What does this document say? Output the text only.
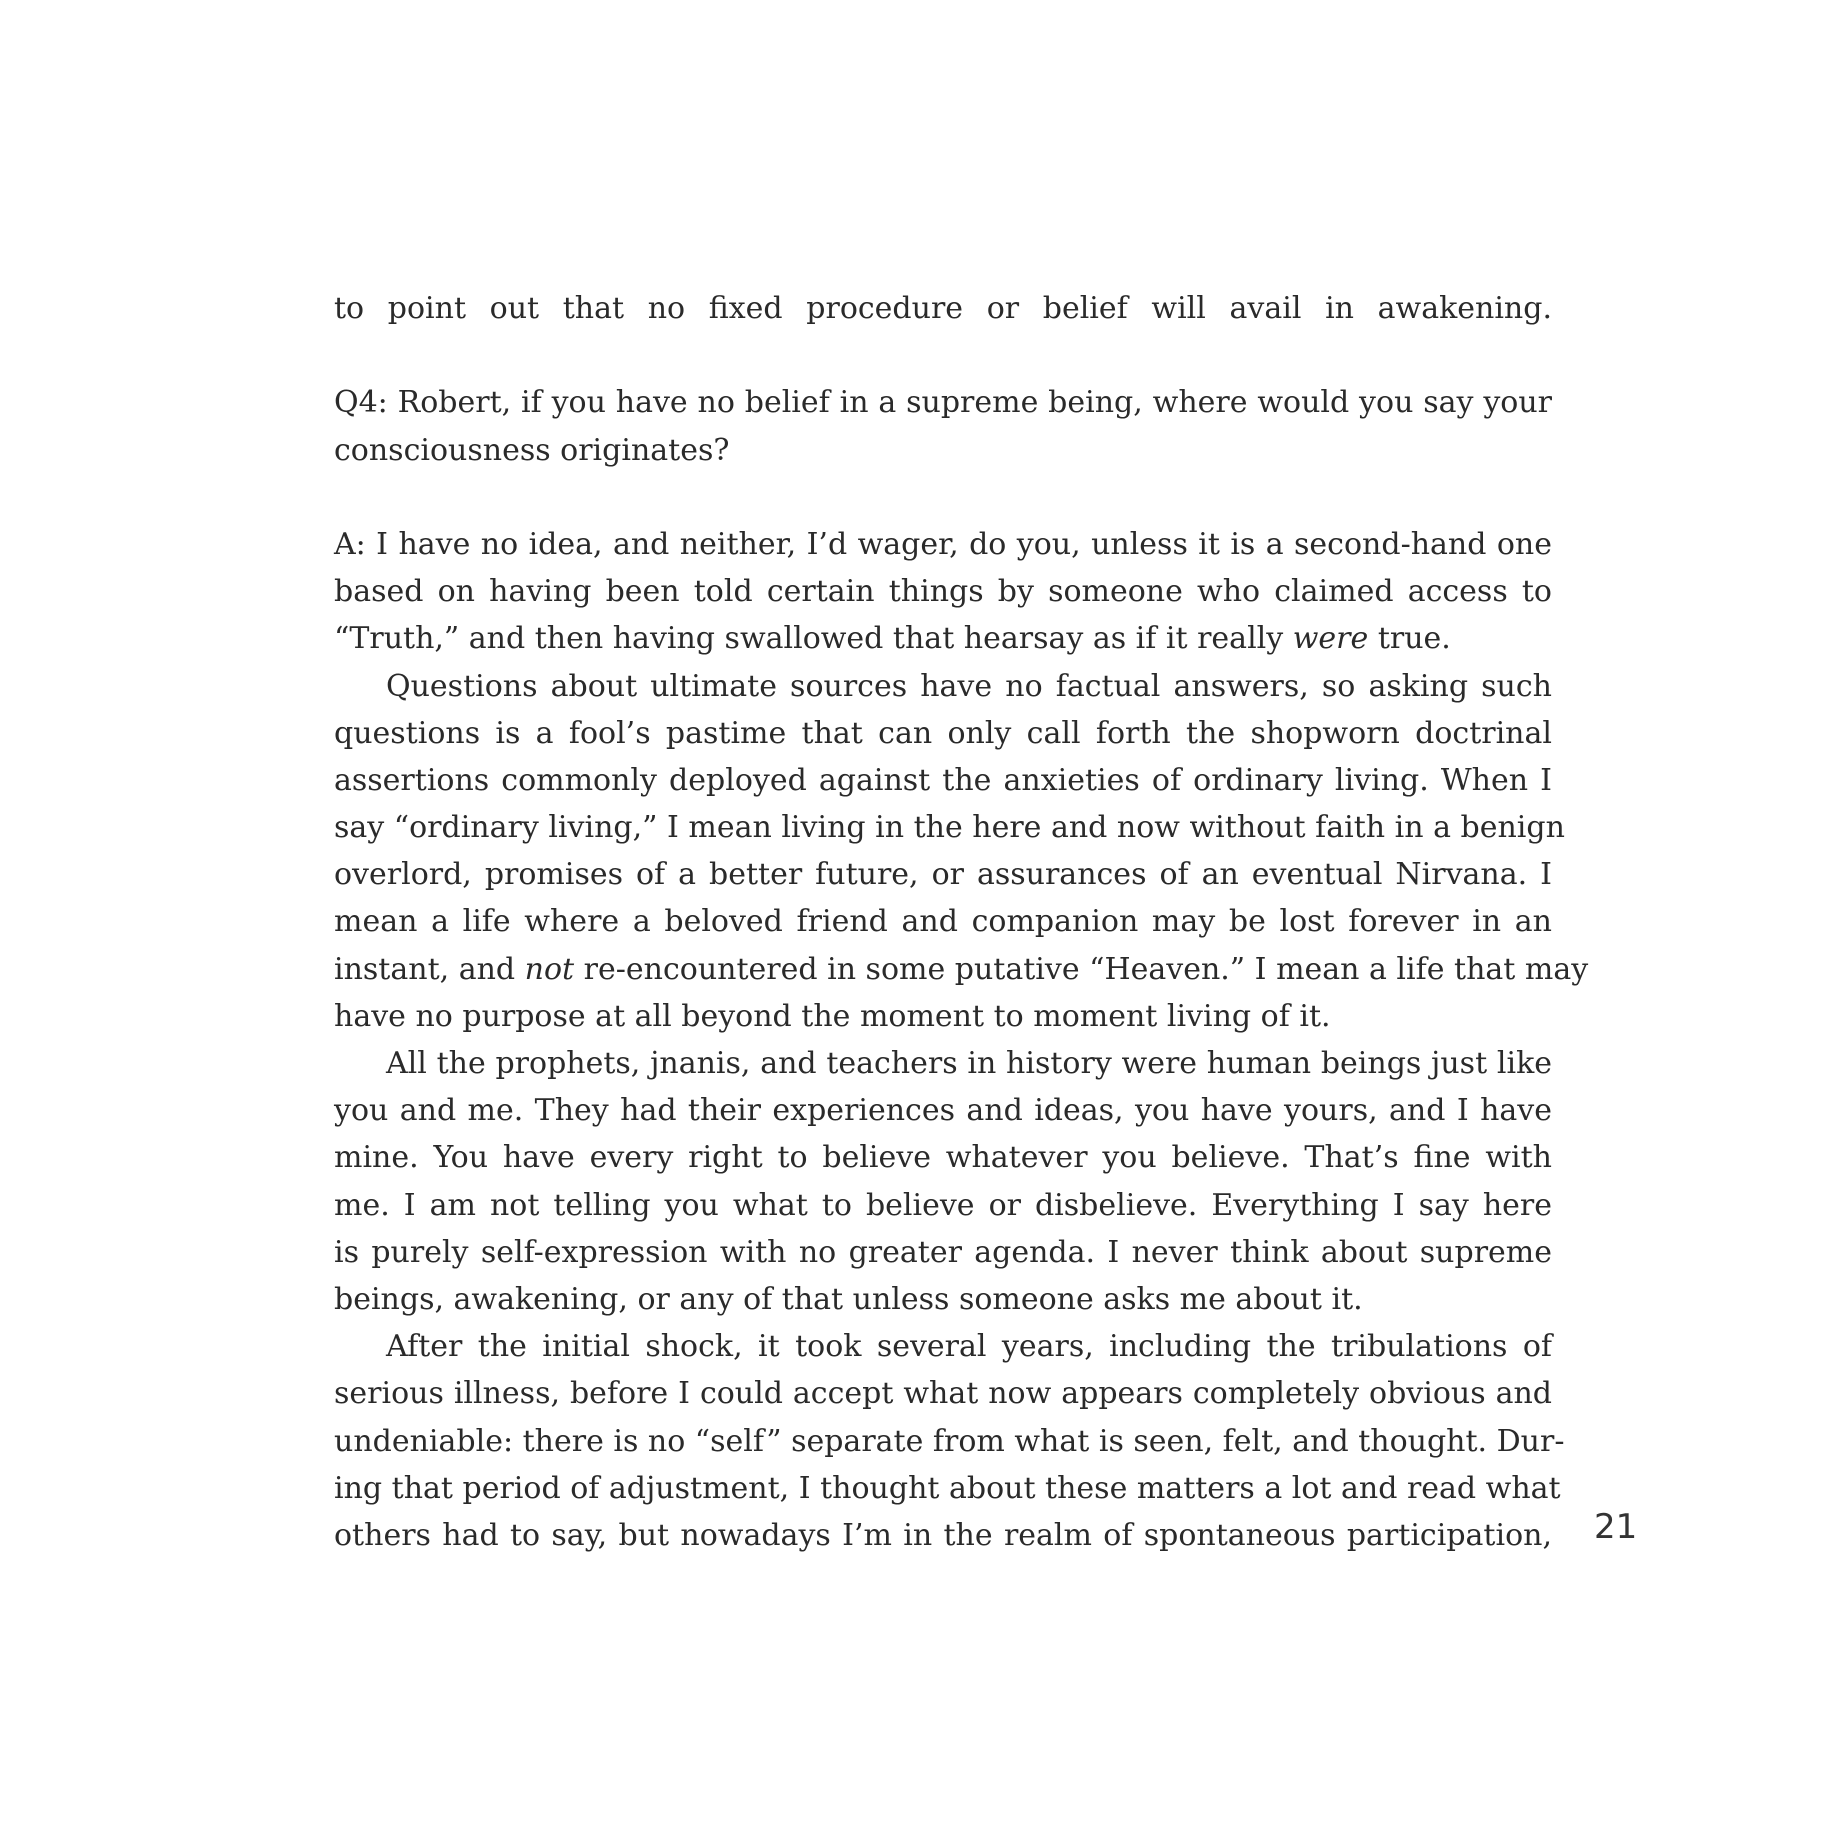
to point out that no fixed procedure or belief will avail in awakening.
Q4: Robert, if you have no belief in a supreme being, where would you say your
consciousness originates?
A: I have no idea, and neither, I’d wager, do you, unless it is a second-hand one
based on having been told certain things by someone who claimed access to
“Truth,” and then having swallowed that hearsay as if it really were true.
Questions about ultimate sources have no factual answers, so asking such
questions is a fool’s pastime that can only call forth the shopworn doctrinal
assertions commonly deployed against the anxieties of ordinary living. When I
say “ordinary living,” I mean living in the here and now without faith in a benign
overlord, promises of a better future, or assurances of an eventual Nirvana. I
mean a life where a beloved friend and companion may be lost forever in an
instant, and not re-encountered in some putative “Heaven.” I mean a life that may
have no purpose at all beyond the moment to moment living of it.
All the prophets, jnanis, and teachers in history were human beings just like
you and me. They had their experiences and ideas, you have yours, and I have
mine. You have every right to believe whatever you believe. That’s fine with
me. I am not telling you what to believe or disbelieve. Everything I say here
is purely self-expression with no greater agenda. I never think about supreme
beings, awakening, or any of that unless someone asks me about it.
After the initial shock, it took several years, including the tribulations of
serious illness, before I could accept what now appears completely obvious and
undeniable: there is no “self” separate from what is seen, felt, and thought. Dur-
ing that period of adjustment, I thought about these matters a lot and read what
others had to say, but nowadays I’m in the realm of spontaneous participation, 21
